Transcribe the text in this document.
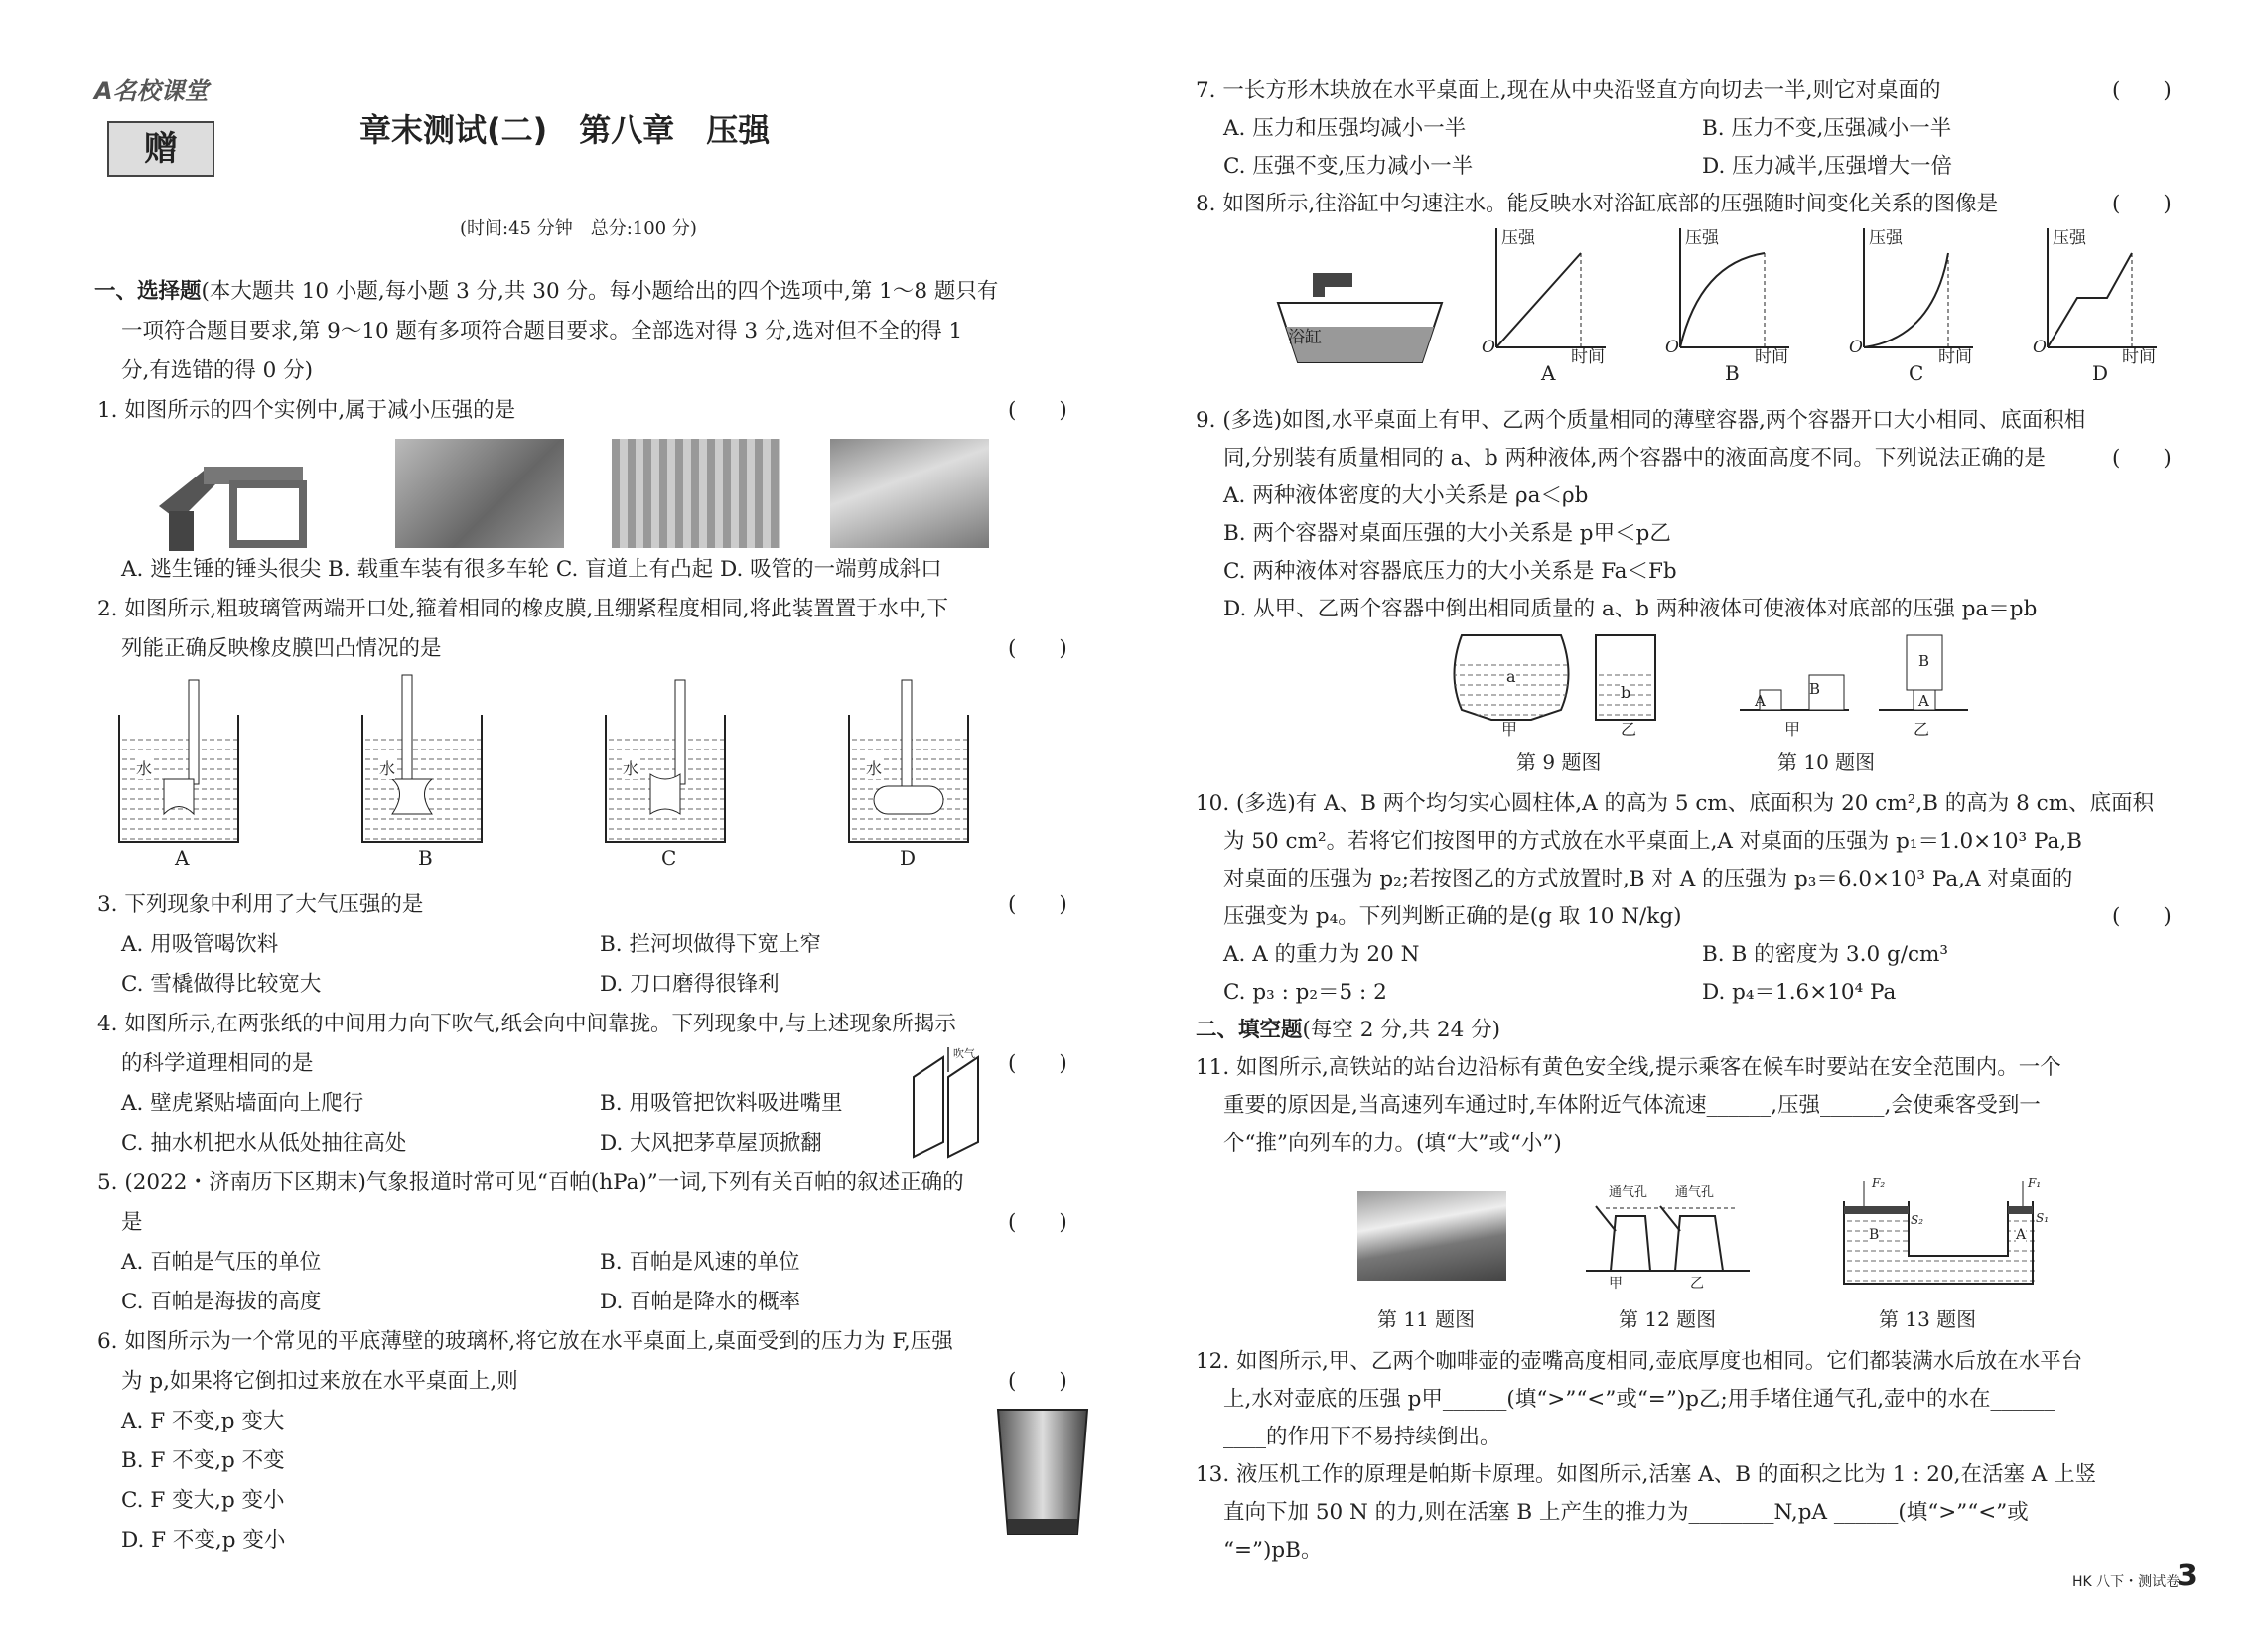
A名校课堂
赠	章末测试(二)　第八章　压强
(时间:45 分钟　总分:100 分)
一、选择题(本大题共 10 小题,每小题 3 分,共 30 分。每小题给出的四个选项中,第 1～8 题只有
一项符合题目要求,第 9～10 题有多项符合题目要求。全部选对得 3 分,选对但不全的得 1
分,有选错的得 0 分)
1. 如图所示的四个实例中,属于减小压强的是	(　　)
A. 逃生锤的锤头很尖 B. 载重车装有很多车轮 C. 盲道上有凸起 D. 吸管的一端剪成斜口
2. 如图所示,粗玻璃管两端开口处,箍着相同的橡皮膜,且绷紧程度相同,将此装置置于水中,下
列能正确反映橡皮膜凹凸情况的是	(　　)
水	水	水	水
A	B	C	D
3. 下列现象中利用了大气压强的是	(　　)
A. 用吸管喝饮料	B. 拦河坝做得下宽上窄
C. 雪橇做得比较宽大	D. 刀口磨得很锋利
4. 如图所示,在两张纸的中间用力向下吹气,纸会向中间靠拢。下列现象中,与上述现象所揭示
的科学道理相同的是	(　　)
A. 壁虎紧贴墙面向上爬行	B. 用吸管把饮料吸进嘴里
C. 抽水机把水从低处抽往高处	D. 大风把茅草屋顶掀翻
吹气
5. (2022・济南历下区期末)气象报道时常可见“百帕(hPa)”一词,下列有关百帕的叙述正确的
是	(　　)
A. 百帕是气压的单位	B. 百帕是风速的单位
C. 百帕是海拔的高度	D. 百帕是降水的概率
6. 如图所示为一个常见的平底薄壁的玻璃杯,将它放在水平桌面上,桌面受到的压力为 F,压强
为 p,如果将它倒扣过来放在水平桌面上,则	(　　)
A. F 不变,p 变大
B. F 不变,p 不变
C. F 变大,p 变小
D. F 不变,p 变小
7. 一长方形木块放在水平桌面上,现在从中央沿竖直方向切去一半,则它对桌面的	(　　)
A. 压力和压强均减小一半	B. 压力不变,压强减小一半
C. 压强不变,压力减小一半	D. 压力减半,压强增大一倍
8. 如图所示,往浴缸中匀速注水。能反映水对浴缸底部的压强随时间变化关系的图像是	(　　)
浴缸
压强	压强	压强	压强
时间	时间	时间	时间
O	O	O	O
A	B	C	D
9. (多选)如图,水平桌面上有甲、乙两个质量相同的薄壁容器,两个容器开口大小相同、底面积相
同,分别装有质量相同的 a、b 两种液体,两个容器中的液面高度不同。下列说法正确的是	(　　)
A. 两种液体密度的大小关系是 ρa＜ρb
B. 两个容器对桌面压强的大小关系是 p甲＜p乙
C. 两种液体对容器底压力的大小关系是 Fa＜Fb
D. 从甲、乙两个容器中倒出相同质量的 a、b 两种液体可使液体对底部的压强 pa＝pb
a
b
甲	乙
A
B
B
A
甲	乙
第 9 题图	第 10 题图
10. (多选)有 A、B 两个均匀实心圆柱体,A 的高为 5 cm、底面积为 20 cm²,B 的高为 8 cm、底面积
为 50 cm²。若将它们按图甲的方式放在水平桌面上,A 对桌面的压强为 p₁＝1.0×10³ Pa,B
对桌面的压强为 p₂;若按图乙的方式放置时,B 对 A 的压强为 p₃＝6.0×10³ Pa,A 对桌面的
压强变为 p₄。下列判断正确的是(g 取 10 N/kg)	(　　)
A. A 的重力为 20 N	B. B 的密度为 3.0 g/cm³
C. p₃ : p₂＝5 : 2	D. p₄＝1.6×10⁴ Pa
二、填空题(每空 2 分,共 24 分)
11. 如图所示,高铁站的站台边沿标有黄色安全线,提示乘客在候车时要站在安全范围内。一个
重要的原因是,当高速列车通过时,车体附近气体流速______,压强______,会使乘客受到一
个“推”向列车的力。(填“大”或“小”)
通气孔 通气孔
甲	乙
F₂	F₁
S₂	S₁
B	A
第 11 题图	第 12 题图	第 13 题图
12. 如图所示,甲、乙两个咖啡壶的壶嘴高度相同,壶底厚度也相同。它们都装满水后放在水平台
上,水对壶底的压强 p甲______(填“>”“<”或“=”)p乙;用手堵住通气孔,壶中的水在______
____的作用下不易持续倒出。
13. 液压机工作的原理是帕斯卡原理。如图所示,活塞 A、B 的面积之比为 1 : 20,在活塞 A 上竖
直向下加 50 N 的力,则在活塞 B 上产生的推力为________N,pA ______(填“>”“<”或
“=”)pB。
HK 八下・测试卷
3
